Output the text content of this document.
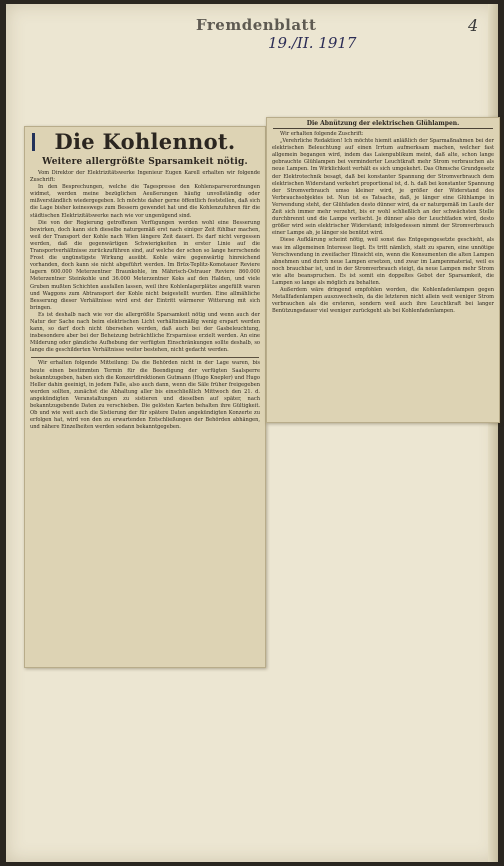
Fremdenblatt
19./II. 1917
4
Die Kohlennot.
Weitere allergrößte Sparsamkeit nötig.

Vom Direktor der Elektrizitätswerke Ingenieur Eugen Karell erhalten wir folgende Zuschrift:

In den Besprechungen, welche die Tagespresse den Kohlensparverordnungen widmet, werden meine bezüglichen Aeußerungen häufig unvollständig oder mißverständlich wiedergegeben. Ich möchte daher gerne öffentlich feststellen, daß sich die Lage bisher keineswegs zum Bessern gewendet hat und die Kohlenzufuhren für die städtischen Elektrizitätswerke nach wie vor ungenügend sind.

Die von der Regierung getroffenen Verfügungen werden wohl eine Besserung bewirken, doch kann sich dieselbe naturgemäß erst nach einiger Zeit fühlbar machen, weil der Transport der Kohle nach Wien längere Zeit dauert. Es darf nicht vergessen werden, daß die gegenwärtigen Schwierigkeiten in erster Linie auf die Transportverhältnisse zurückzuführen sind, auf welche der schon so lange herrschende Frost die ungünstigste Wirkung ausübt. Kohle wäre gegenwärtig hinreichend vorhanden, doch kann sie nicht abgeführt werden. Im Brüx-Teplitz-Komotauer Reviere lagern 600.000 Meterzentner Braunkohle, im Mährisch-Ostrauer Reviere 860.000 Meterzentner Steinkohle und 36.000 Meterzentner Koks auf den Halden, und viele Gruben mußten Schichten ausfallen lassen, weil ihre Kohlenlagerplätze angefüllt waren und Waggons zum Abtransport der Kohle nicht beigestellt wurden. Eine allmähliche Besserung dieser Verhältnisse wird erst der Eintritt wärmerer Witterung mit sich bringen.

Es ist deshalb nach wie vor die allergrößte Sparsamkeit nötig und wenn auch der Natur der Sache nach beim elektrischen Licht verhältnismäßig wenig erspart werden kann, so darf doch nicht übersehen werden, daß auch bei der Gasbeleuchtung, insbesondere aber bei der Beheizung beträchtliche Ersparnisse erzielt werden. An eine Milderung oder gänzliche Aufhebung der verfügten Einschränkungen sollte deshalb, so lange die geschilderten Verhältnisse weiter bestehen, nicht gedacht werden.

Wir erhalten folgende Mitteilung: Da die Behörden nicht in der Lage waren, bis heute einen bestimmten Termin für die Beendigung der verfügten Saalsperre bekanntzugeben, haben sich die Konzertdirektionen Gutmann (Hugo Knepler) und Hugo Heller dahin geeinigt, in jedem Falle, also auch dann, wenn die Säle früher freigegeben werden sollten, zunächst die Abhaltung aller bis einschließlich Mittwoch den 21. d. angekündigten Veranstaltungen zu sistieren und dieselben auf später, nach bekanntzugebende Daten zu verschieben. Die gelösten Karten behalten ihre Gültigkeit. Ob und wie weit auch die Sistierung der für spätere Daten angekündigten Konzerte zu erfolgen hat, wird von den zu erwartenden Entschließungen der Behörden abhängen, und nähere Einzelheiten werden sodann bekanntgegeben.

Die Abnützung der elektrischen Glühlampen.

Wir erhalten folgende Zuschrift:

„Verehrliche Redaktion! Ich möchte hiemit anläßlich der Sparmaßnahmen bei der elektrischen Beleuchtung auf einen Irrtum aufmerksam machen, welcher fast allgemein begangen wird, indem das Laienpublikum meint, daß alte, schon lange gebrauchte Glühlampen bei verminderter Leuchtkraft mehr Strom verbrauchen als neue Lampen. Im Wirklichkeit verhält es sich umgekehrt. Das Ohmsche Grundgesetz der Elektrotechnik besagt, daß bei konstanter Spannung der Stromverbrauch dem elektrischen Widerstand verkehrt proportional ist, d. h. daß bei konstanter Spannung der Stromverbrauch umso kleiner wird, je größer der Widerstand des Verbrauchsobjektes ist. Nun ist es Tatsache, daß, je länger eine Glühlampe in Verwendung steht, der Glühfaden desto dünner wird, da er naturgemäß im Laufe der Zeit sich immer mehr verzehrt, bis er wohl schließlich an der schwächsten Stelle durchbrennt und die Lampe verlischt. Je dünner also der Leuchtfaden wird, desto größer wird sein elektrischer Widerstand; infolgedessen nimmt der Stromverbrauch einer Lampe ab, je länger sie benützt wird.

Diese Aufklärung scheint nötig, weil sonst das Entgegengesetzte geschieht, als was im allgemeinen Interesse liegt. Es tritt nämlich, statt zu sparen, eine unnötige Verschwendung in zweifacher Hinsicht ein, wenn die Konsumenten die alten Lampen abnehmen und durch neue Lampen ersetzen, und zwar im Lampenmaterial, weil es noch brauchbar ist, und in der Stromverbrauch steigt, da neue Lampen mehr Strom wie alte beanspruchen. Es ist somit ein doppeltes Gebot der Sparsamkeit, die Lampen so lange als möglich zu behalten.

Außerdem wäre dringend empfohlen worden, die Kohlenfadenlampen gegen Metallfadenlampen auszuwechseln, da die letzteren nicht allein weit weniger Strom verbrauchen als die ersteren, sondern weil auch ihre Leuchtkraft bei langer Benützungsdauer viel weniger zurückgeht als bei Kohlenfadenlampen.
